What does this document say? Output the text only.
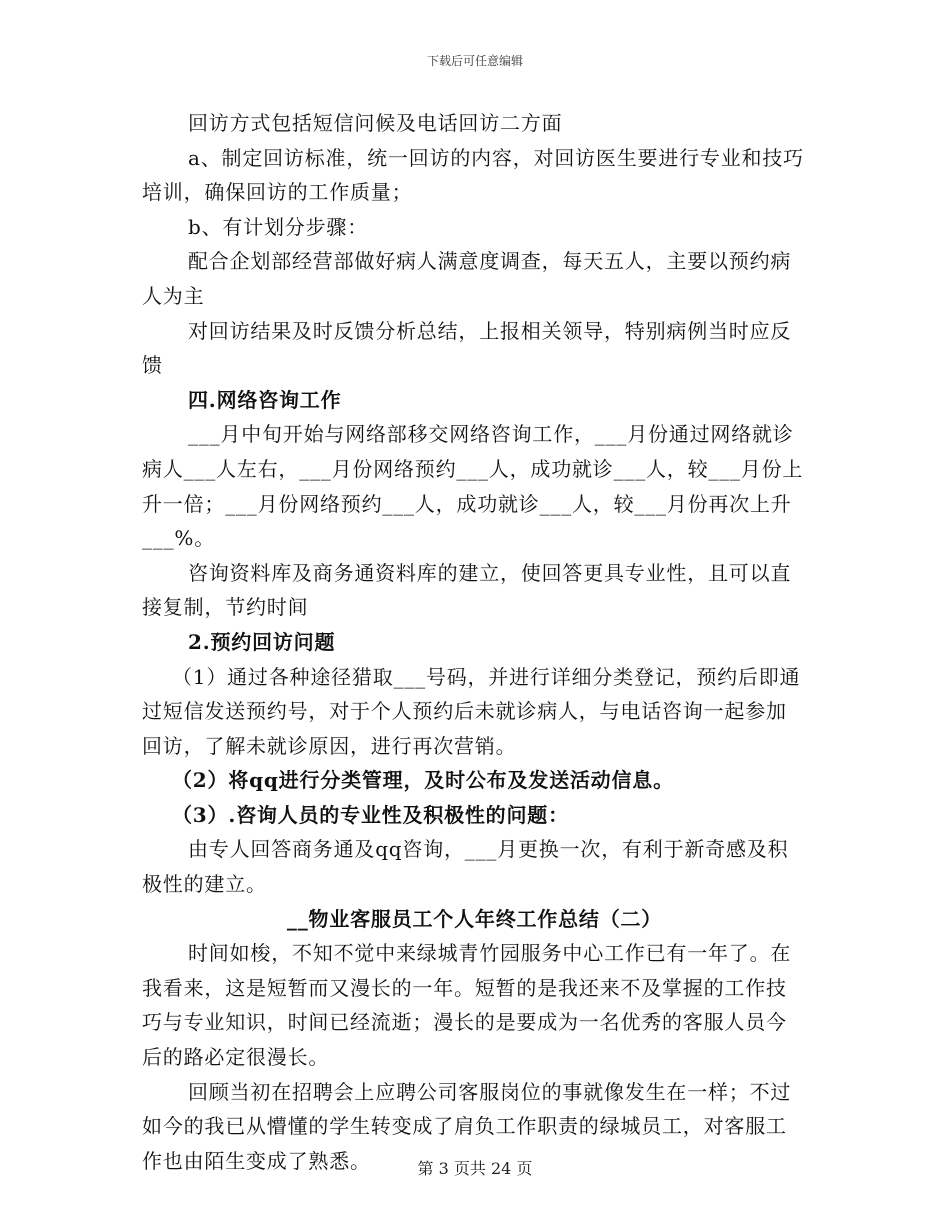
下载后可任意编辑

回访方式包括短信问候及电话回访二方面

a、制定回访标准，统一回访的内容，对回访医生要进行专业和技巧培训，确保回访的工作质量；

b、有计划分步骤：

配合企划部经营部做好病人满意度调查，每天五人，主要以预约病人为主

对回访结果及时反馈分析总结，上报相关领导，特别病例当时应反馈

四.网络咨询工作

___月中旬开始与网络部移交网络咨询工作，___月份通过网络就诊病人___人左右，___月份网络预约___人，成功就诊___人，较___月份上升一倍；___月份网络预约___人，成功就诊___人，较___月份再次上升___%。

咨询资料库及商务通资料库的建立，使回答更具专业性，且可以直接复制，节约时间

2.预约回访问题

（1）通过各种途径猎取___号码，并进行详细分类登记，预约后即通过短信发送预约号，对于个人预约后未就诊病人，与电话咨询一起参加回访，了解未就诊原因，进行再次营销。

（2）将qq进行分类管理，及时公布及发送活动信息。

（3）.咨询人员的专业性及积极性的问题：

由专人回答商务通及qq咨询，___月更换一次，有利于新奇感及积极性的建立。

__物业客服员工个人年终工作总结（二）

时间如梭，不知不觉中来绿城青竹园服务中心工作已有一年了。在我看来，这是短暂而又漫长的一年。短暂的是我还来不及掌握的工作技巧与专业知识，时间已经流逝；漫长的是要成为一名优秀的客服人员今后的路必定很漫长。

回顾当初在招聘会上应聘公司客服岗位的事就像发生在一样；不过如今的我已从懵懂的学生转变成了肩负工作职责的绿城员工，对客服工作也由陌生变成了熟悉。	第 3 页共 24 页
